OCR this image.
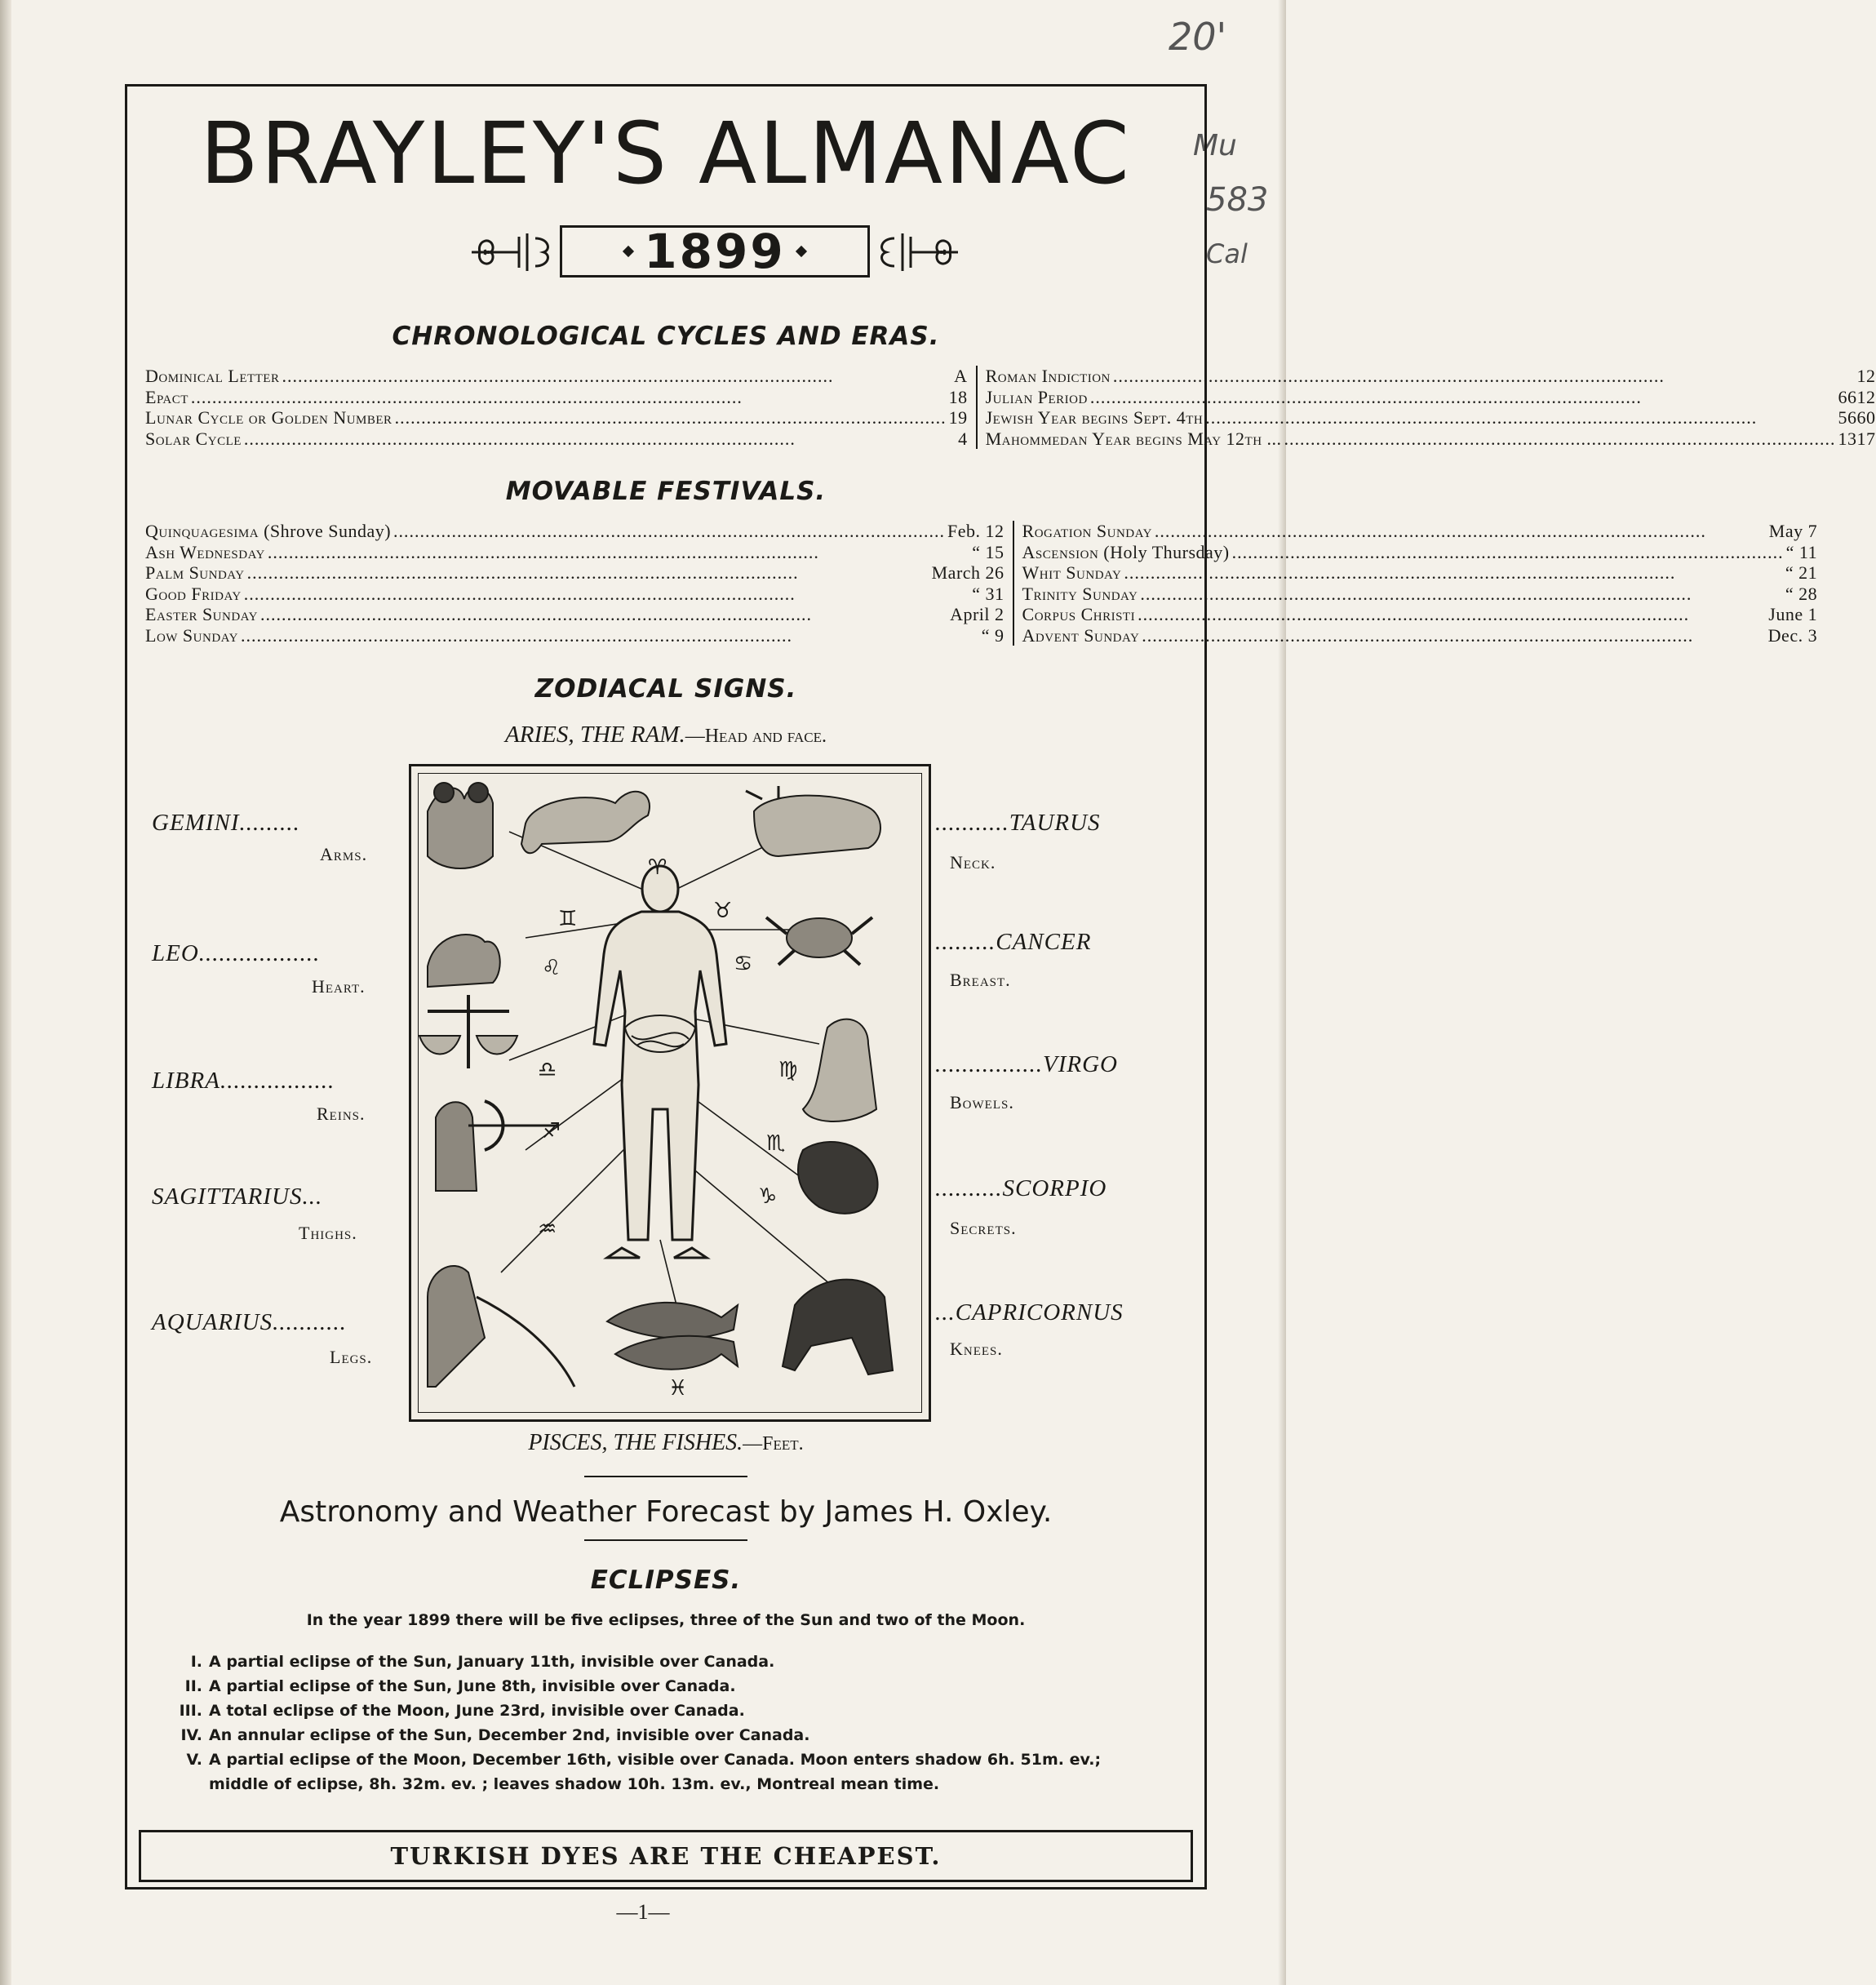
20'
Mu
583
Cal
BRAYLEY'S ALMANAC
1899
CHRONOLOGICAL CYCLES AND ERAS.
Dominical Letter .....	A
Epact .....	18
Lunar Cycle or Golden Number .....	19
Solar Cycle .....	4
Roman Indiction .....	12
Julian Period .....	6612
Jewish Year begins Sept. 4th .....	5660
Mahommedan Year begins May 12th ... .....	1317
MOVABLE FESTIVALS.
Quinquagesima (Shrove Sunday) .....	Feb. 12
Ash Wednesday .....	“ 15
Palm Sunday .....	March 26
Good Friday .....	“ 31
Easter Sunday .....	April 2
Low Sunday .....	“ 9
Rogation Sunday .....	May 7
Ascension (Holy Thursday) .....	“ 11
Whit Sunday .....	“ 21
Trinity Sunday .....	“ 28
Corpus Christi .....	June 1
Advent Sunday .....	Dec. 3
ZODIACAL SIGNS.
ARIES, THE RAM.—Head and face.
♈
♊	♉
♋
♌
♎	♍
♐	♏
♑
♒
♓
GEMINI.........
Arms.
LEO..................
Heart.
LIBRA.................
Reins.
SAGITTARIUS...
Thighs.
AQUARIUS...........
Legs.
...........TAURUS
Neck.
.........CANCER
Breast.
................VIRGO
Bowels.
..........SCORPIO
Secrets.
...CAPRICORNUS
Knees.
PISCES, THE FISHES.—Feet.
Astronomy and Weather Forecast by James H. Oxley.
ECLIPSES.
In the year 1899 there will be five eclipses, three of the Sun and two of the Moon.
I. A partial eclipse of the Sun, January 11th, invisible over Canada.
II. A partial eclipse of the Sun, June 8th, invisible over Canada.
III. A total eclipse of the Moon, June 23rd, invisible over Canada.
IV. An annular eclipse of the Sun, December 2nd, invisible over Canada.
V. A partial eclipse of the Moon, December 16th, visible over Canada. Moon enters shadow 6h. 51m. ev.;
middle of eclipse, 8h. 32m. ev. ; leaves shadow 10h. 13m. ev., Montreal mean time.
TURKISH DYES ARE THE CHEAPEST.
—1—
